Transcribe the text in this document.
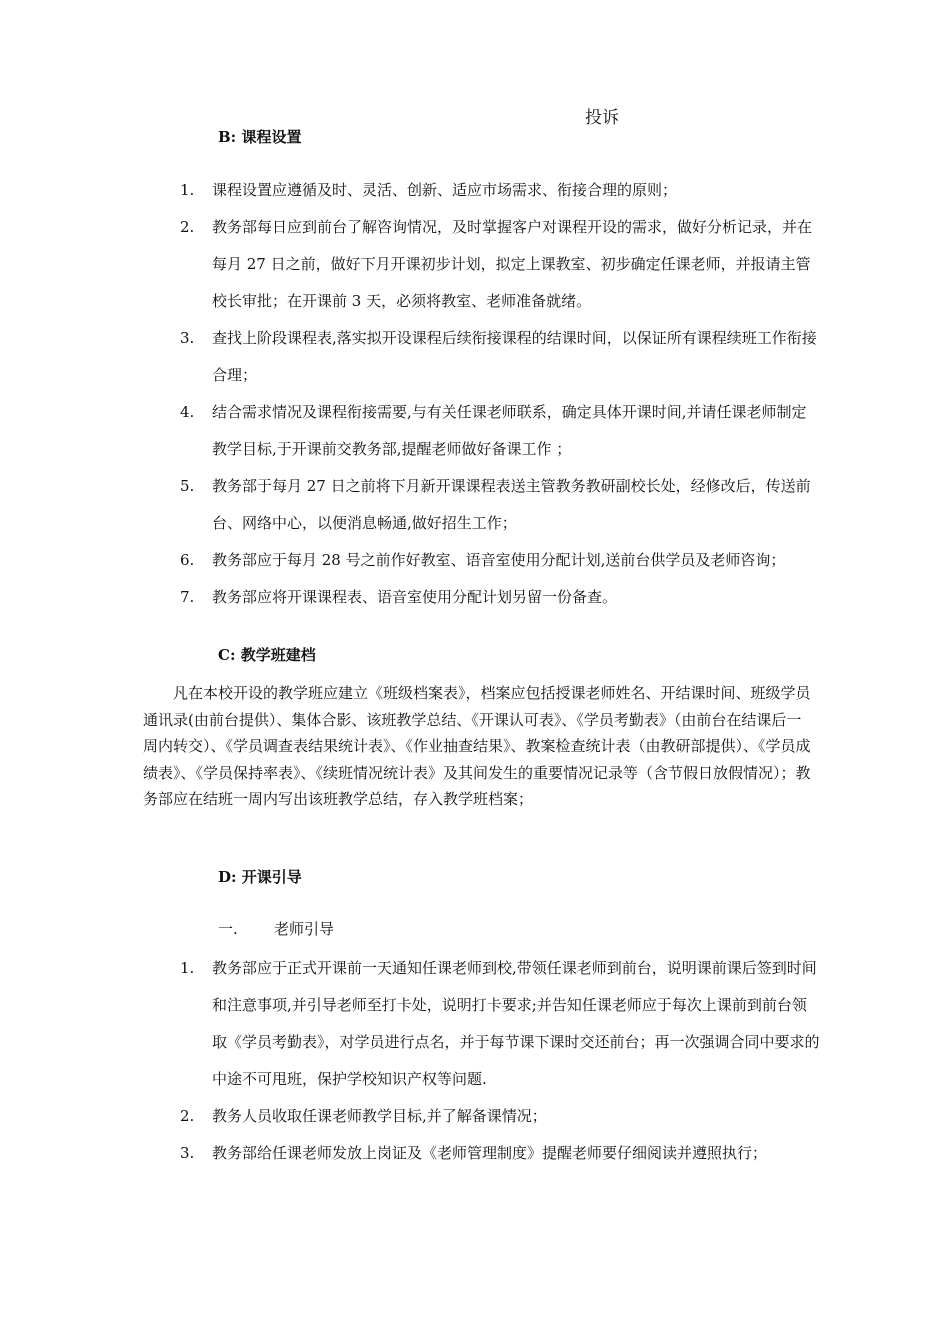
投诉
B: 课程设置
1. 课程设置应遵循及时、灵活、创新、适应市场需求、衔接合理的原则；
2. 教务部每日应到前台了解咨询情况，及时掌握客户对课程开设的需求，做好分析记录，并在每月 27 日之前，做好下月开课初步计划，拟定上课教室、初步确定任课老师，并报请主管校长审批；在开课前 3 天，必须将教室、老师准备就绪。
3. 查找上阶段课程表,落实拟开设课程后续衔接课程的结课时间，以保证所有课程续班工作衔接合理；
4. 结合需求情况及课程衔接需要,与有关任课老师联系，确定具体开课时间,并请任课老师制定教学目标,于开课前交教务部,提醒老师做好备课工作 ；
5. 教务部于每月 27 日之前将下月新开课课程表送主管教务教研副校长处，经修改后，传送前台、网络中心，以便消息畅通,做好招生工作；
6. 教务部应于每月 28 号之前作好教室、语音室使用分配计划,送前台供学员及老师咨询；
7. 教务部应将开课课程表、语音室使用分配计划另留一份备查。
C: 教学班建档
凡在本校开设的教学班应建立《班级档案表》，档案应包括授课老师姓名、开结课时间、班级学员通讯录(由前台提供）、集体合影、该班教学总结、《开课认可表》、《学员考勤表》（由前台在结课后一周内转交）、《学员调查表结果统计表》、《作业抽查结果》、教案检查统计表（由教研部提供）、《学员成绩表》、《学员保持率表》、《续班情况统计表》及其间发生的重要情况记录等（含节假日放假情况）；教务部应在结班一周内写出该班教学总结，存入教学班档案；
D: 开课引导
一. 老师引导
1. 教务部应于正式开课前一天通知任课老师到校,带领任课老师到前台，说明课前课后签到时间和注意事项,并引导老师至打卡处，说明打卡要求;并告知任课老师应于每次上课前到前台领取《学员考勤表》，对学员进行点名，并于每节课下课时交还前台；再一次强调合同中要求的中途不可甩班，保护学校知识产权等问题.
2. 教务人员收取任课老师教学目标,并了解备课情况；
3. 教务部给任课老师发放上岗证及《老师管理制度》提醒老师要仔细阅读并遵照执行；
